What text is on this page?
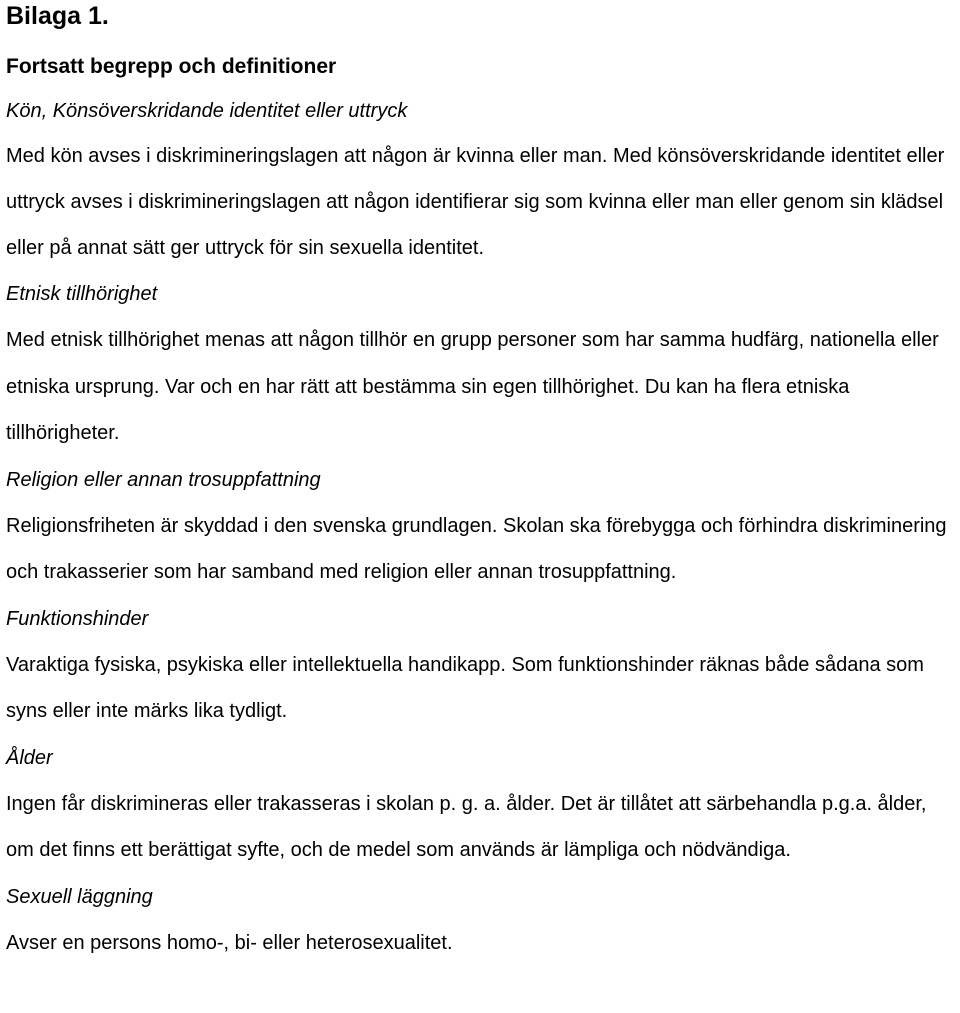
Bilaga 1.
Fortsatt begrepp och definitioner

Kön, Könsöverskridande identitet eller uttryck

Med kön avses i diskrimineringslagen att någon är kvinna eller man. Med könsöverskridande identitet eller uttryck avses i diskrimineringslagen att någon identifierar sig som kvinna eller man eller genom sin klädsel eller på annat sätt ger uttryck för sin sexuella identitet.

Etnisk tillhörighet

Med etnisk tillhörighet menas att någon tillhör en grupp personer som har samma hudfärg, nationella eller etniska ursprung. Var och en har rätt att bestämma sin egen tillhörighet. Du kan ha flera etniska tillhörigheter.

Religion eller annan trosuppfattning

Religionsfriheten är skyddad i den svenska grundlagen. Skolan ska förebygga och förhindra diskriminering och trakasserier som har samband med religion eller annan trosuppfattning.

Funktionshinder

Varaktiga fysiska, psykiska eller intellektuella handikapp. Som funktionshinder räknas både sådana som syns eller inte märks lika tydligt.

Ålder

Ingen får diskrimineras eller trakasseras i skolan p. g. a. ålder. Det är tillåtet att särbehandla p.g.a. ålder, om det finns ett berättigat syfte, och de medel som används är lämpliga och nödvändiga.

Sexuell läggning

Avser en persons homo-, bi- eller heterosexualitet.
